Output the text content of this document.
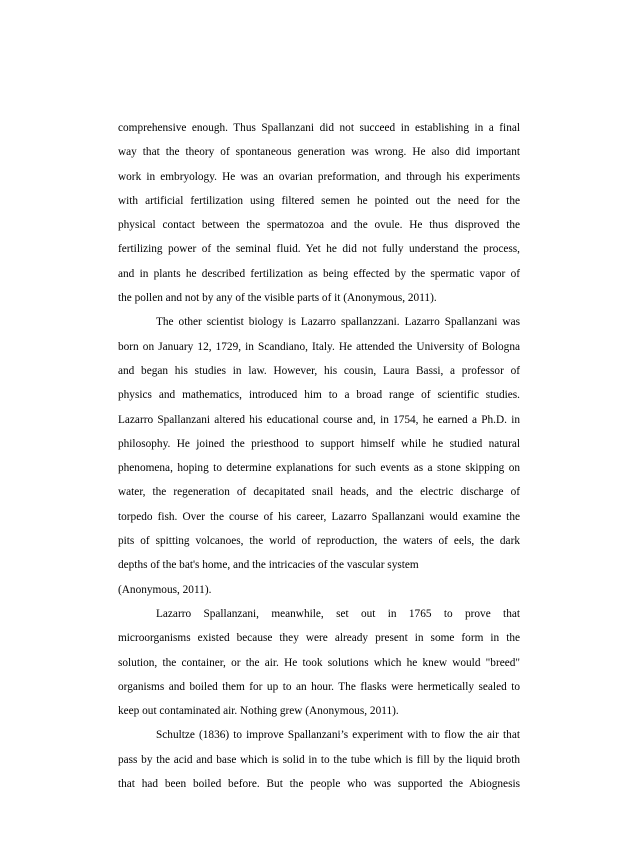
comprehensive enough. Thus Spallanzani did not succeed in establishing in a final
way that the theory of spontaneous generation was wrong. He also did important
work in embryology. He was an ovarian preformation, and through his experiments
with artificial fertilization using filtered semen he pointed out the need for the
physical contact between the spermatozoa and the ovule. He thus disproved the
fertilizing power of the seminal fluid. Yet he did not fully understand the process,
and in plants he described fertilization as being effected by the spermatic vapor of
the pollen and not by any of the visible parts of it (Anonymous, 2011).
The other scientist biology is Lazarro spallanzzani. Lazarro Spallanzani was
born on January 12, 1729, in Scandiano, Italy. He attended the University of Bologna
and began his studies in law. However, his cousin, Laura Bassi, a professor of
physics and mathematics, introduced him to a broad range of scientific studies.
Lazarro Spallanzani altered his educational course and, in 1754, he earned a Ph.D. in
philosophy. He joined the priesthood to support himself while he studied natural
phenomena, hoping to determine explanations for such events as a stone skipping on
water, the regeneration of decapitated snail heads, and the electric discharge of
torpedo fish. Over the course of his career, Lazarro Spallanzani would examine the
pits of spitting volcanoes, the world of reproduction, the waters of eels, the dark
depths of the bat's home, and the intricacies of the vascular system
(Anonymous, 2011).
Lazarro Spallanzani, meanwhile, set out in 1765 to prove that
microorganisms existed because they were already present in some form in the
solution, the container, or the air. He took solutions which he knew would "breed"
organisms and boiled them for up to an hour. The flasks were hermetically sealed to
keep out contaminated air. Nothing grew (Anonymous, 2011).
Schultze (1836) to improve Spallanzani’s experiment with to flow the air that
pass by the acid and base which is solid in to the tube which is fill by the liquid broth
that had been boiled before. But the people who was supported the Abiognesis
